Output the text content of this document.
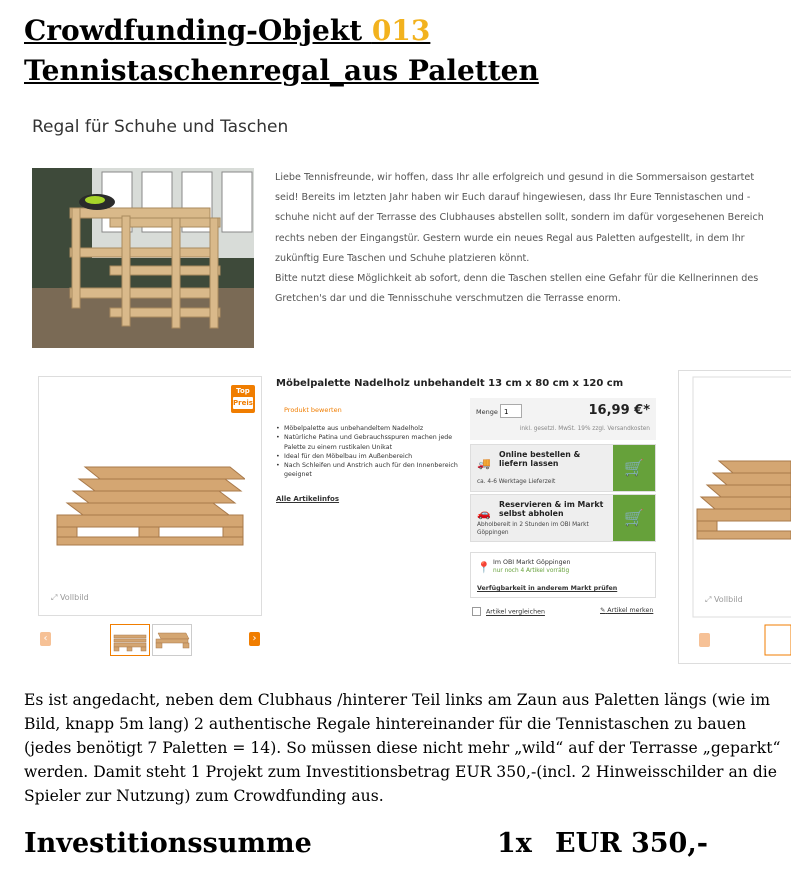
Crowdfunding-Objekt 013
Tennistaschenregal_aus Paletten
Regal für Schuhe und Taschen

Liebe Tennisfreunde, wir hoffen, dass Ihr alle erfolgreich und gesund in die Sommersaison gestartet seid! Bereits im letzten Jahr haben wir Euch darauf hingewiesen, dass Ihr Eure Tennistaschen und -schuhe nicht auf der Terrasse des Clubhauses abstellen sollt, sondern im dafür vorgesehenen Bereich rechts neben der Eingangstür. Gestern wurde ein neues Regal aus Paletten aufgestellt, in dem Ihr zukünftig Eure Taschen und Schuhe platzieren könnt.

Bitte nutzt diese Möglichkeit ab sofort, denn die Taschen stellen eine Gefahr für die Kellnerinnen des Gretchen's dar und die Tennisschuhe verschmutzen die Terrasse enorm.

Top
Preis
⤢ Vollbild
‹	›
Möbelpalette Nadelholz unbehandelt 13 cm x 80 cm x 120 cm
Produkt bewerten
• Möbelpalette aus unbehandeltem Nadelholz
• Natürliche Patina und Gebrauchsspuren machen jede Palette zu einem rustikalen Unikat
• Ideal für den Möbelbau im Außenbereich
• Nach Schleifen und Anstrich auch für den Innenbereich geeignet
Alle Artikelinfos
Menge 1	16,99 €*
inkl. gesetzl. MwSt. 19% zzgl. Versandkosten
🚚
Online bestellen & liefern lassen
ca. 4-6 Werktage Lieferzeit
🛒
🚗
Reservieren & im Markt selbst abholen
Abholbereit in 2 Stunden im OBI Markt Göppingen
🛒
📍 Im OBI Markt Göppingen
nur noch 4 Artikel vorrätig
Verfügbarkeit in anderem Markt prüfen
Artikel vergleichen	✎ Artikel merken
⤢ Vollbild

Es ist angedacht, neben dem Clubhaus /hinterer Teil links am Zaun aus Paletten längs (wie im Bild, knapp 5m lang) 2 authentische Regale hintereinander für die Tennistaschen zu bauen (jedes benötigt 7 Paletten = 14). So müssen diese nicht mehr „wild“ auf der Terrasse „geparkt“ werden. Damit steht 1 Projekt zum Investitionsbetrag EUR 350,-(incl. 2 Hinweisschilder an die Spieler zur Nutzung) zum Crowdfunding aus.

Investitionssumme	1x EUR 350,-
